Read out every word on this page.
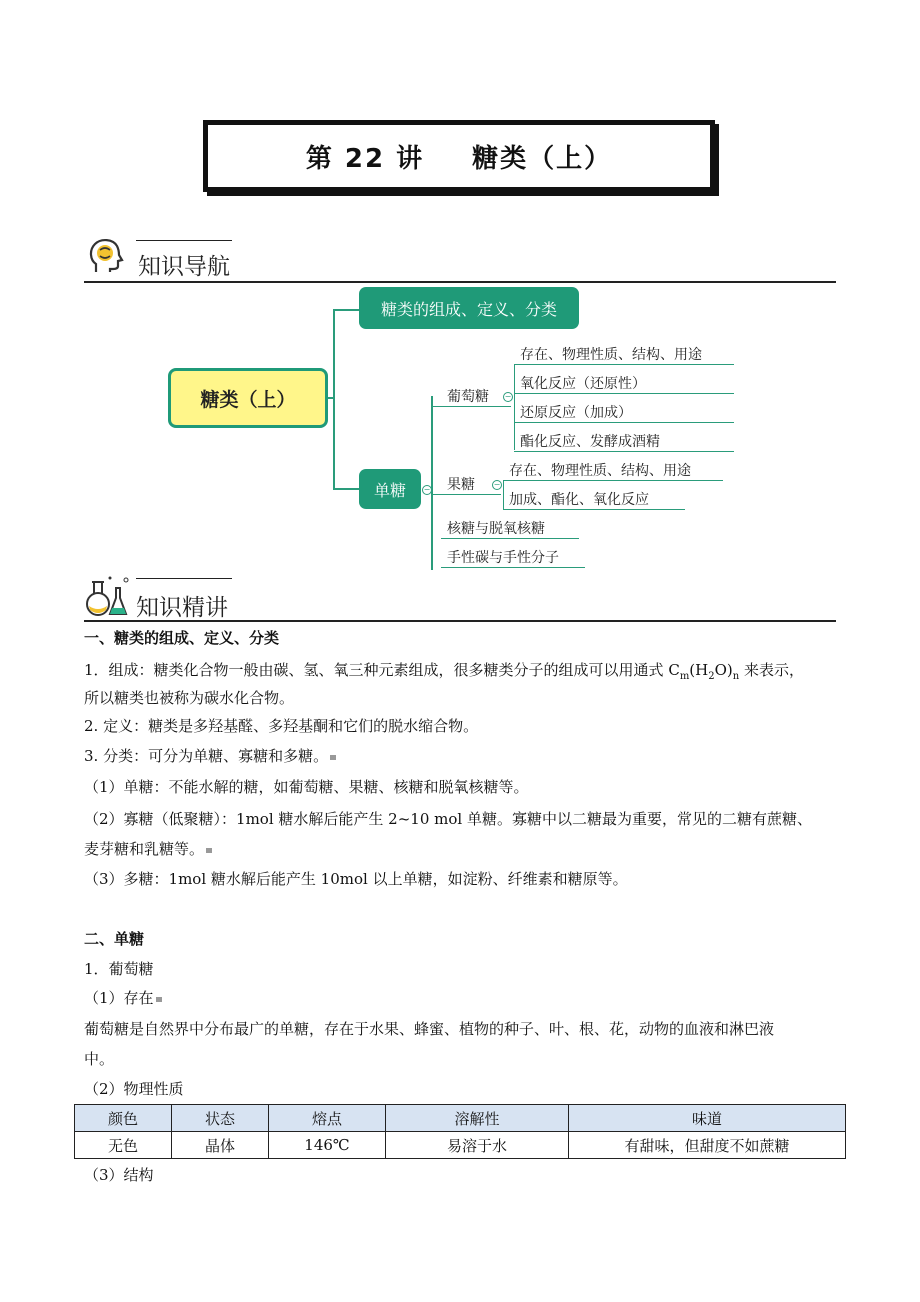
第 22 讲 糖类（上）
知识导航
糖类（上）
糖类的组成、定义、分类
单糖	−
葡萄糖	−
存在、物理性质、结构、用途
氧化反应（还原性）
还原反应（加成）
酯化反应、发酵成酒精
果糖	−
存在、物理性质、结构、用途
加成、酯化、氧化反应
核糖与脱氧核糖
手性碳与手性分子
知识精讲
一、糖类的组成、定义、分类
1．组成：糖类化合物一般由碳、氢、氧三种元素组成，很多糖类分子的组成可以用通式 $C_m(H_2O)_n$ 来表示，
所以糖类也被称为碳水化合物。
2. 定义：糖类是多羟基醛、多羟基酮和它们的脱水缩合物。
3. 分类：可分为单糖、寡糖和多糖。
（1）单糖：不能水解的糖，如葡萄糖、果糖、核糖和脱氧核糖等。
（2）寡糖（低聚糖）：1mol 糖水解后能产生 2~10 mol 单糖。寡糖中以二糖最为重要，常见的二糖有蔗糖、
麦芽糖和乳糖等。
（3）多糖：1mol 糖水解后能产生 10mol 以上单糖，如淀粉、纤维素和糖原等。
二、单糖
1．葡萄糖
（1）存在
葡萄糖是自然界中分布最广的单糖，存在于水果、蜂蜜、植物的种子、叶、根、花，动物的血液和淋巴液
中。
（2）物理性质
颜色	状态	熔点	溶解性	味道
无色	晶体	146℃	易溶于水	有甜味，但甜度不如蔗糖
（3）结构
